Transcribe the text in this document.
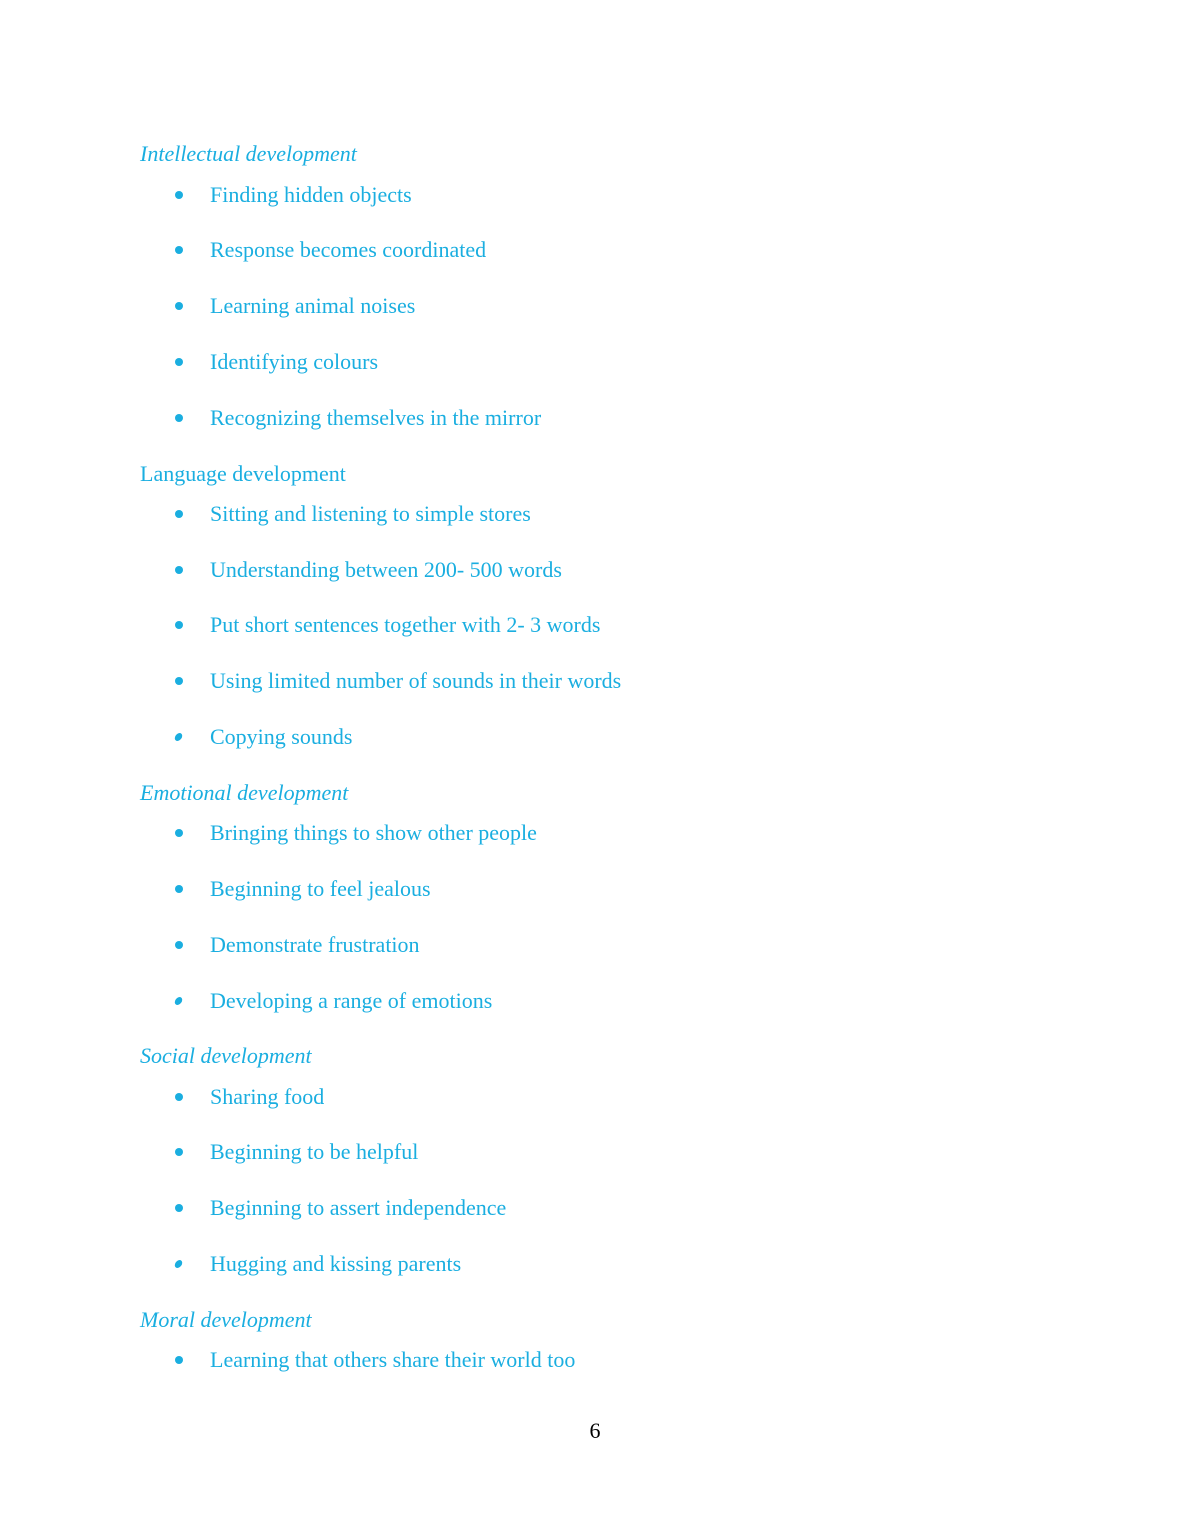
Intellectual development
Finding hidden objects
Response becomes coordinated
Learning animal noises
Identifying colours
Recognizing themselves in the mirror
Language development
Sitting and listening to simple stores
Understanding between 200- 500 words
Put short sentences together with 2- 3 words
Using limited number of sounds in their words
Copying sounds
Emotional development
Bringing things to show other people
Beginning to feel jealous
Demonstrate frustration
Developing a range of emotions
Social development
Sharing food
Beginning to be helpful
Beginning to assert independence
Hugging and kissing parents
Moral development
Learning that others share their world too
6
